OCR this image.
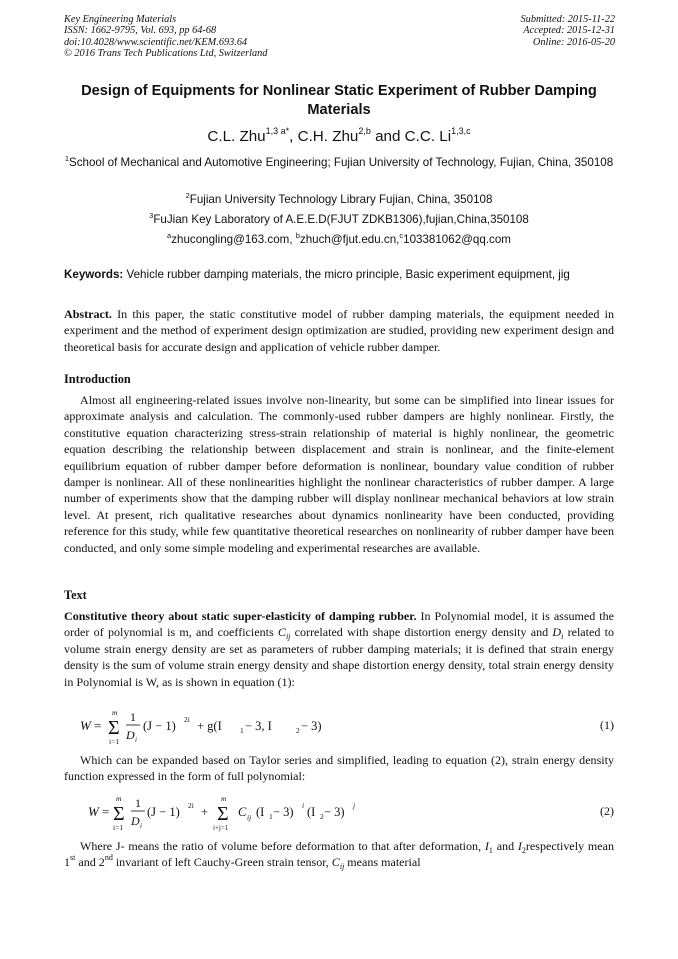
Key Engineering Materials
ISSN: 1662-9795, Vol. 693, pp 64-68
doi:10.4028/www.scientific.net/KEM.693.64
© 2016 Trans Tech Publications Ltd, Switzerland
Submitted: 2015-11-22
Accepted: 2015-12-31
Online: 2016-05-20
Design of Equipments for Nonlinear Static Experiment of Rubber Damping Materials
C.L. Zhu$^{1,3 a*}$, C.H. Zhu$^{2,b}$ and C.C. Li$^{1,3,c}$
$^1$School of Mechanical and Automotive Engineering; Fujian University of Technology, Fujian, China, 350108
$^2$Fujian University Technology Library Fujian, China, 350108
$^3$FuJian Key Laboratory of A.E.E.D(FJUT ZDKB1306),fujian,China,350108
$^a$zhucongling@163.com, $^b$zhuch@fjut.edu.cn,$^c$103381062@qq.com
Keywords: Vehicle rubber damping materials, the micro principle, Basic experiment equipment, jig
Abstract. In this paper, the static constitutive model of rubber damping materials, the equipment needed in experiment and the method of experiment design optimization are studied, providing new experiment design and theoretical basis for accurate design and application of vehicle rubber damper.
Introduction
Almost all engineering-related issues involve non-linearity, but some can be simplified into linear issues for approximate analysis and calculation. The commonly-used rubber dampers are highly nonlinear. Firstly, the constitutive equation characterizing stress-strain relationship of material is highly nonlinear, the geometric equation describing the relationship between displacement and strain is nonlinear, and the finite-element equilibrium equation of rubber damper before deformation is nonlinear, boundary value condition of rubber damper is nonlinear. All of these nonlinearities highlight the nonlinear characteristics of rubber damper. A large number of experiments show that the damping rubber will display nonlinear mechanical behaviors at low strain level. At present, rich qualitative researches about dynamics nonlinearity have been conducted, providing reference for this study, while few quantitative theoretical researches on nonlinearity of rubber damper have been conducted, and only some simple modeling and experimental researches are available.
Text
Constitutive theory about static super-elasticity of damping rubber. In Polynomial model, it is assumed the order of polynomial is m, and coefficients $C_{ij}$ correlated with shape distortion energy density and $D_i$ related to volume strain energy density are set as parameters of rubber damping materials; it is defined that strain energy density is the sum of volume strain energy density and shape distortion energy density, total strain energy density in Polynomial is W, as is shown in equation (1):
W =
m
Σ
i=1
1
D i
(J − 1) 2i + g(I 1 − 3, I	2 − 3)	(1)
Which can be expanded based on Taylor series and simplified, leading to equation (2), strain energy density function expressed in the form of full polynomial:
W =
m
Σ
i=1
1
D i
(J − 1) 2i +
m
Σ
i+j=1
C ij (I 1 − 3) i (I 2 − 3) j	(2)
Where J- means the ratio of volume before deformation to that after deformation, $I_1$ and $I_2respectively$ mean 1st and 2nd invariant of left Cauchy-Green strain tensor, $C_{ij}$ means material
